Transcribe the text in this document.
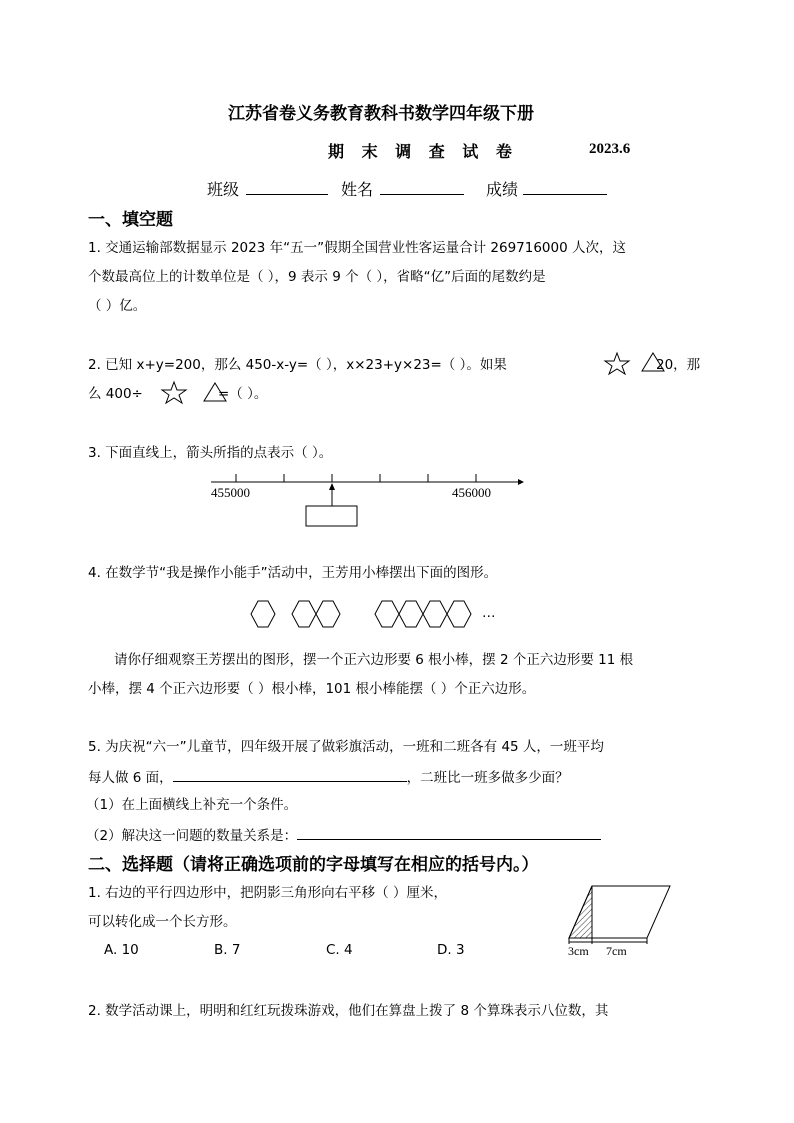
江苏省卷义务教育教科书数学四年级下册
期 末 调 查 试 卷	2023.6
班级	姓名	成绩
一、填空题
1. 交通运输部数据显示 2023 年“五一”假期全国营业性客运量合计 269716000 人次，这
个数最高位上的计数单位是（ ），9 表示 9 个（ ），省略“亿”后面的尾数约是
（ ）亿。
2. 已知 x+y=200，那么 450-x-y=（ ），x×23+y×23=（ ）。如果	20，那
么 400÷	=（ ）。
3. 下面直线上，箭头所指的点表示（ ）。
455000	456000
4. 在数学节“我是操作小能手”活动中，王芳用小棒摆出下面的图形。
…
请你仔细观察王芳摆出的图形，摆一个正六边形要 6 根小棒，摆 2 个正六边形要 11 根
小棒，摆 4 个正六边形要（ ）根小棒，101 根小棒能摆（ ）个正六边形。
5. 为庆祝“六一”儿童节，四年级开展了做彩旗活动，一班和二班各有 45 人，一班平均
每人做 6 面，	，二班比一班多做多少面？
（1）在上面横线上补充一个条件。
（2）解决这一问题的数量关系是：
二、选择题（请将正确选项前的字母填写在相应的括号内。）
1. 右边的平行四边形中，把阴影三角形向右平移（ ）厘米，
可以转化成一个长方形。
A. 10	B. 7	C. 4	D. 3	3cm 7cm
2. 数学活动课上，明明和红红玩拨珠游戏，他们在算盘上拨了 8 个算珠表示八位数，其
